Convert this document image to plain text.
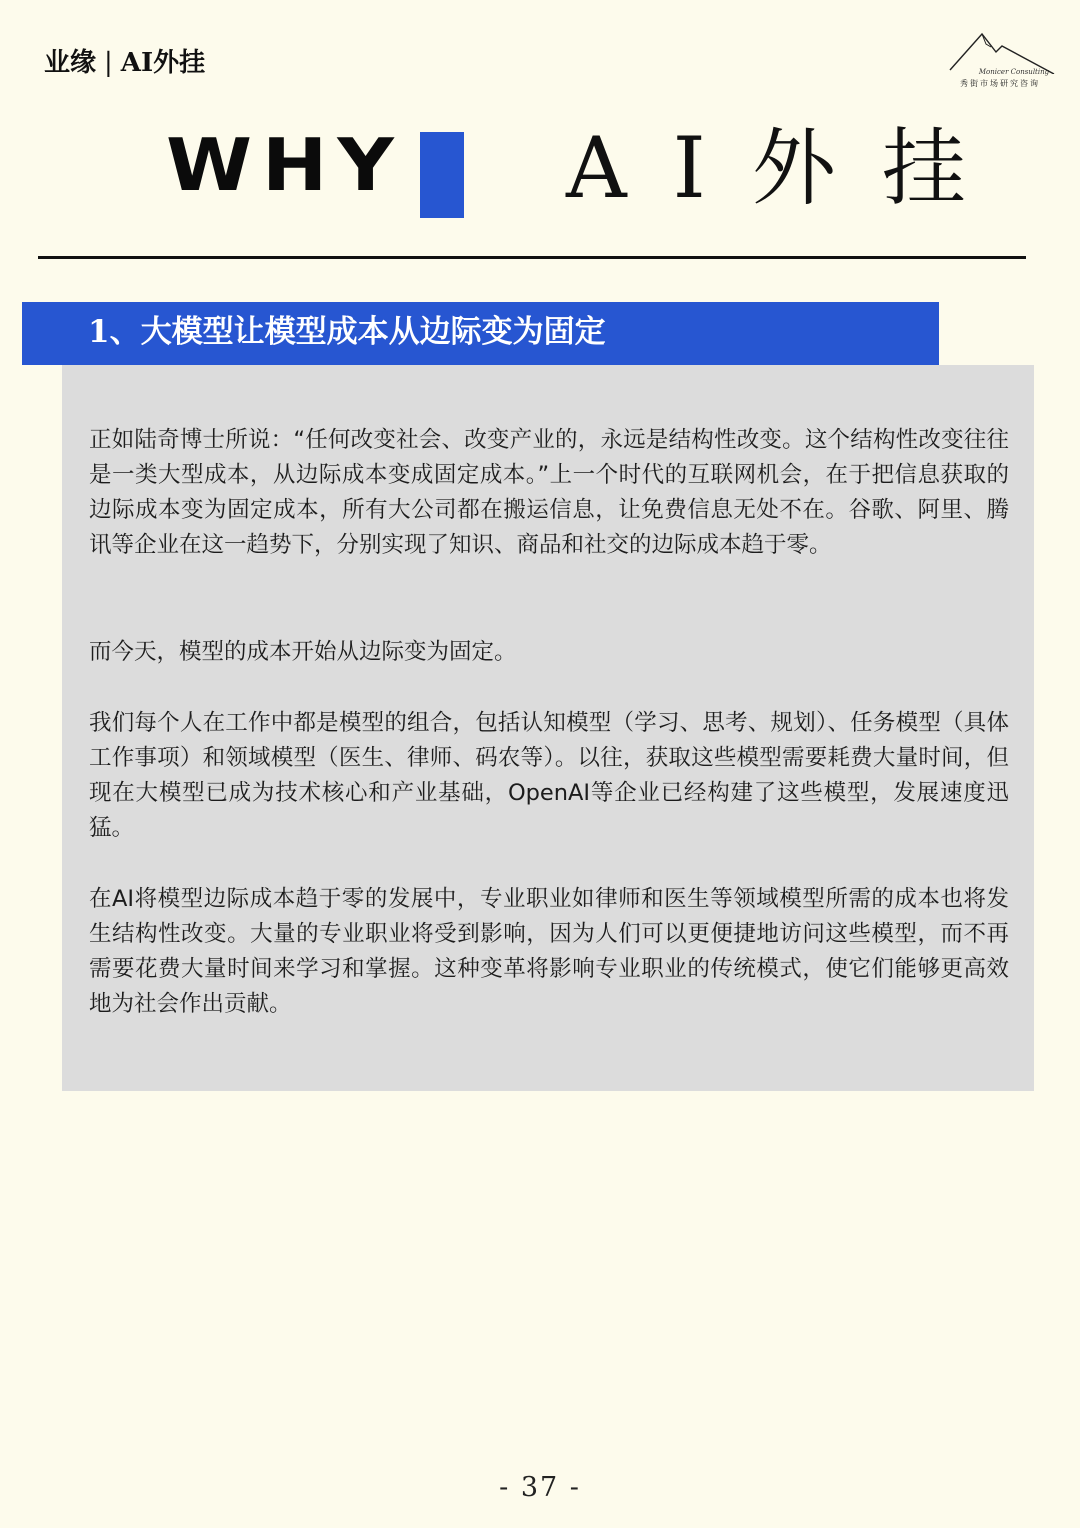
业缘 | AI外挂	Monicer Consulting
秀街市场研究咨询
WHY AI外挂
1、大模型让模型成本从边际变为固定

正如陆奇博士所说：“任何改变社会、改变产业的，永远是结构性改变。这个结构性改变往往是一类大型成本，从边际成本变成固定成本。”上一个时代的互联网机会，在于把信息获取的边际成本变为固定成本，所有大公司都在搬运信息，让免费信息无处不在。谷歌、阿里、腾讯等企业在这一趋势下，分别实现了知识、商品和社交的边际成本趋于零。

而今天，模型的成本开始从边际变为固定。

我们每个人在工作中都是模型的组合，包括认知模型（学习、思考、规划）、任务模型（具体工作事项）和领域模型（医生、律师、码农等）。以往，获取这些模型需要耗费大量时间，但现在大模型已成为技术核心和产业基础，OpenAI等企业已经构建了这些模型，发展速度迅猛。

在AI将模型边际成本趋于零的发展中，专业职业如律师和医生等领域模型所需的成本也将发生结构性改变。大量的专业职业将受到影响，因为人们可以更便捷地访问这些模型，而不再需要花费大量时间来学习和掌握。这种变革将影响专业职业的传统模式，使它们能够更高效地为社会作出贡献。

- 37 -
